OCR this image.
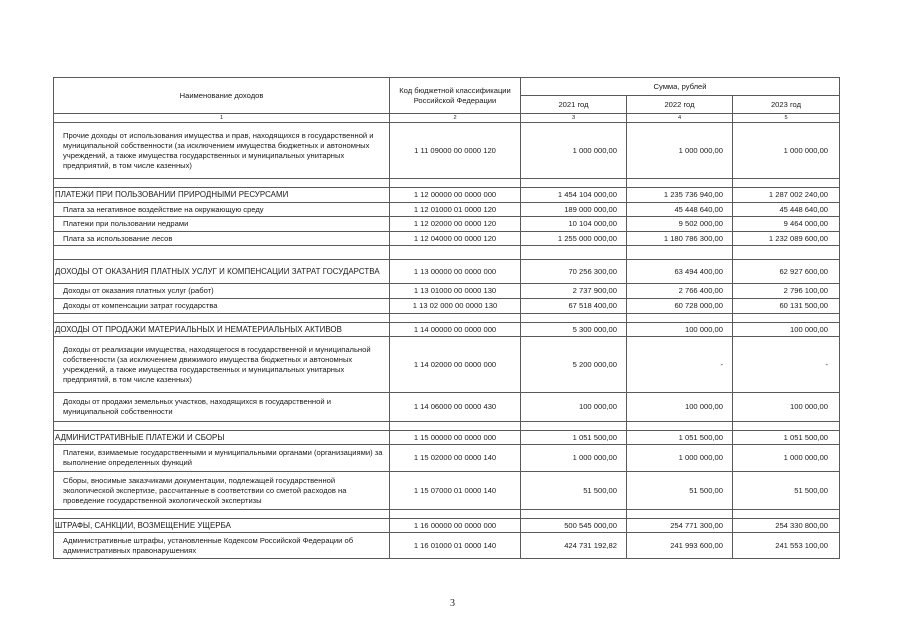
Наименование доходов	Код бюджетной классификации Российской Федерации	Сумма, рублей		
		2021 год	2022 год	2023 год
1	2	3	4	5
Прочие доходы от использования имущества и прав, находящихся в государственной и муниципальной собственности (за исключением имущества бюджетных и автономных учреждений, а также имущества государственных и муниципальных унитарных предприятий, в том числе казенных)	1 11 09000 00 0000 120	1 000 000,00	1 000 000,00	1 000 000,00

ПЛАТЕЖИ ПРИ ПОЛЬЗОВАНИИ ПРИРОДНЫМИ РЕСУРСАМИ	1 12 00000 00 0000 000	1 454 104 000,00	1 235 736 940,00	1 287 002 240,00
Плата за негативное воздействие на окружающую среду	1 12 01000 01 0000 120	189 000 000,00	45 448 640,00	45 448 640,00
Платежи при пользовании недрами	1 12 02000 00 0000 120	10 104 000,00	9 502 000,00	9 464 000,00
Плата за использование лесов	1 12 04000 00 0000 120	1 255 000 000,00	1 180 786 300,00	1 232 089 600,00

ДОХОДЫ ОТ ОКАЗАНИЯ ПЛАТНЫХ УСЛУГ И КОМПЕНСАЦИИ ЗАТРАТ ГОСУДАРСТВА	1 13 00000 00 0000 000	70 256 300,00	63 494 400,00	62 927 600,00
Доходы от оказания платных услуг (работ)	1 13 01000 00 0000 130	2 737 900,00	2 766 400,00	2 796 100,00
Доходы от компенсации затрат государства	1 13 02 000 00 0000 130	67 518 400,00	60 728 000,00	60 131 500,00

ДОХОДЫ ОТ ПРОДАЖИ МАТЕРИАЛЬНЫХ И НЕМАТЕРИАЛЬНЫХ АКТИВОВ	1 14 00000 00 0000 000	5 300 000,00	100 000,00	100 000,00
Доходы от реализации имущества, находящегося в государственной и муниципальной собственности (за исключением движимого имущества бюджетных и автономных учреждений, а также имущества государственных и муниципальных унитарных предприятий, в том числе казенных)	1 14 02000 00 0000 000	5 200 000,00	-	-
Доходы от продажи земельных участков, находящихся в государственной и муниципальной собственности	1 14 06000 00 0000 430	100 000,00	100 000,00	100 000,00

АДМИНИСТРАТИВНЫЕ ПЛАТЕЖИ И СБОРЫ	1 15 00000 00 0000 000	1 051 500,00	1 051 500,00	1 051 500,00
Платежи, взимаемые государственными и муниципальными органами (организациями) за выполнение определенных функций	1 15 02000 00 0000 140	1 000 000,00	1 000 000,00	1 000 000,00
Сборы, вносимые заказчиками документации, подлежащей государственной экологической экспертизе, рассчитанные в соответствии со сметой расходов на проведение государственной экологической экспертизы	1 15 07000 01 0000 140	51 500,00	51 500,00	51 500,00

ШТРАФЫ, САНКЦИИ, ВОЗМЕЩЕНИЕ УЩЕРБА	1 16 00000 00 0000 000	500 545 000,00	254 771 300,00	254 330 800,00
Административные штрафы, установленные Кодексом Российской Федерации об административных правонарушениях	1 16 01000 01 0000 140	424 731 192,82	241 993 600,00	241 553 100,00
3
